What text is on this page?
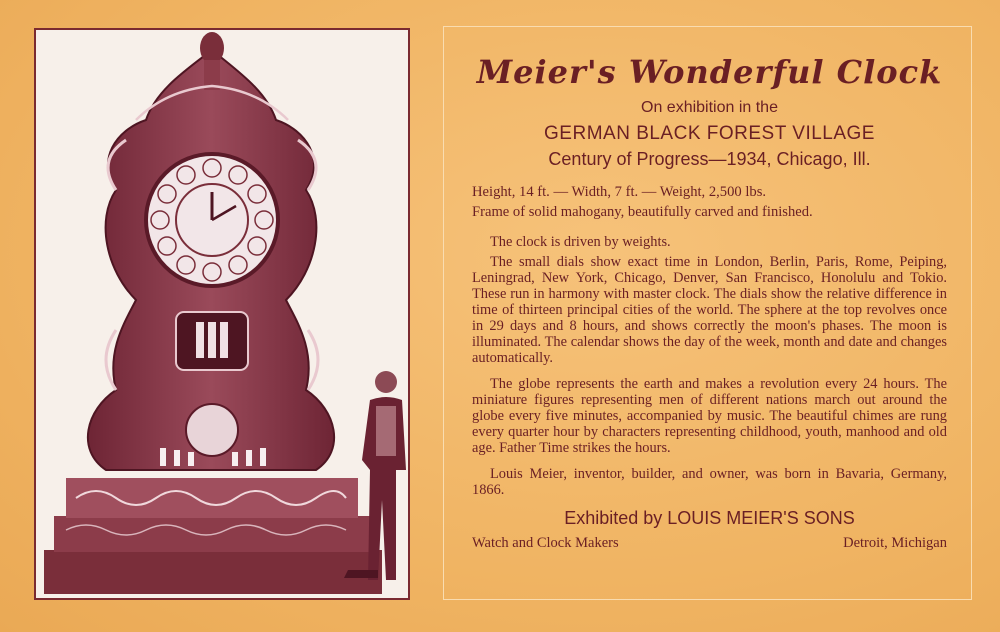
Meier's Wonderful Clock

On exhibition in the

GERMAN BLACK FOREST VILLAGE

Century of Progress—1934, Chicago, Ill.

Height, 14 ft. — Width, 7 ft. — Weight, 2,500 lbs.
Frame of solid mahogany, beautifully carved and finished.

The clock is driven by weights.

The small dials show exact time in London, Berlin, Paris, Rome, Peiping, Leningrad, New York, Chicago, Denver, San Francisco, Honolulu and Tokio. These run in harmony with master clock. The dials show the relative difference in time of thirteen principal cities of the world. The sphere at the top revolves once in 29 days and 8 hours, and shows correctly the moon's phases. The moon is illuminated. The calendar shows the day of the week, month and date and changes automatically.

The globe represents the earth and makes a revolution every 24 hours. The miniature figures representing men of different nations march out around the globe every five minutes, accompanied by music. The beautiful chimes are rung every quarter hour by characters representing childhood, youth, manhood and old age. Father Time strikes the hours.

Louis Meier, inventor, builder, and owner, was born in Bavaria, Germany, 1866.

Exhibited by LOUIS MEIER'S SONS

Watch and Clock Makers	Detroit, Michigan
